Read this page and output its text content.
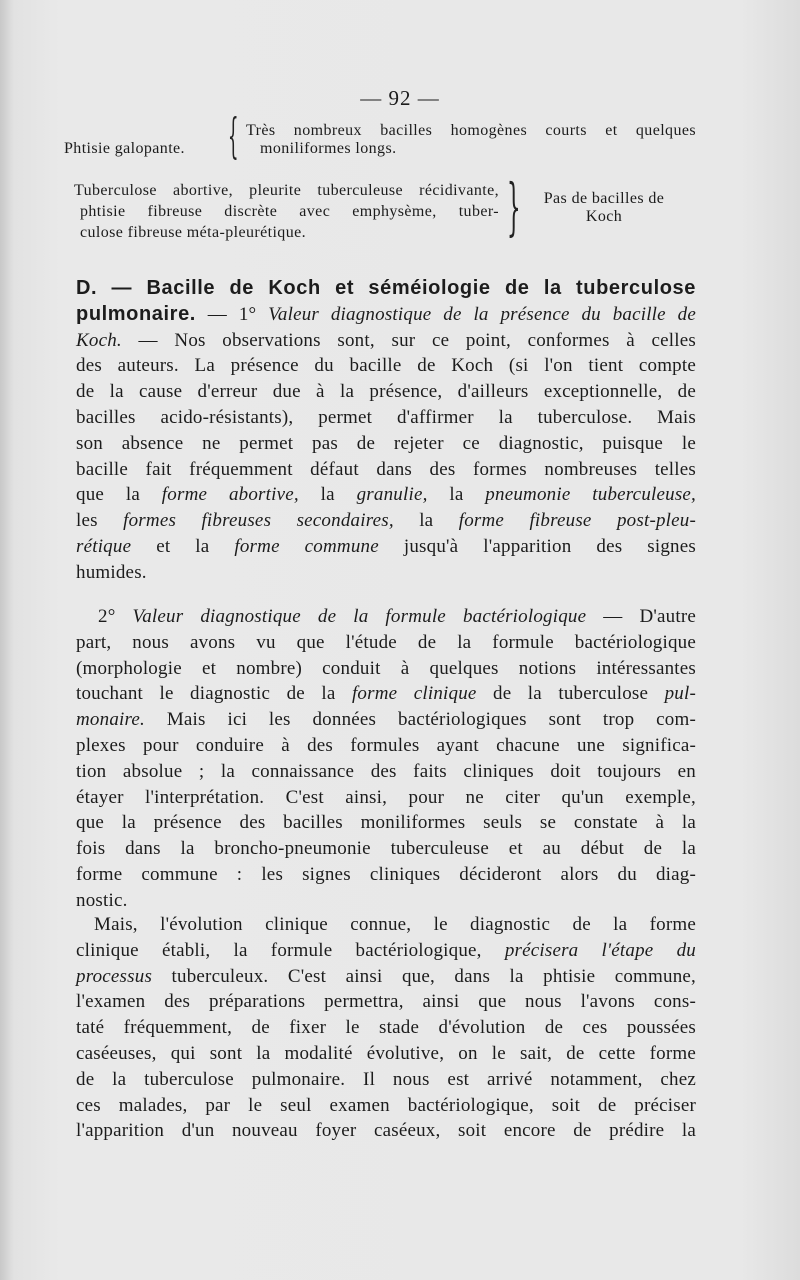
— 92 —
Phtisie galopante. { Très nombreux bacilles homogènes courts et quelques
moniliformes longs.
Tuberculose abortive, pleurite tuberculeuse récidivante,
phtisie fibreuse discrète avec emphysème, tuber-
culose fibreuse méta-pleurétique.	}	Pas de bacilles de
Koch
D. — Bacille de Koch et séméiologie de la tuberculose
pulmonaire. — 1° Valeur diagnostique de la présence du bacille de
Koch. — Nos observations sont, sur ce point, conformes à celles
des auteurs. La présence du bacille de Koch (si l'on tient compte
de la cause d'erreur due à la présence, d'ailleurs exceptionnelle, de
bacilles acido-résistants), permet d'affirmer la tuberculose. Mais
son absence ne permet pas de rejeter ce diagnostic, puisque le
bacille fait fréquemment défaut dans des formes nombreuses telles
que la forme abortive, la granulie, la pneumonie tuberculeuse,
les formes fibreuses secondaires, la forme fibreuse post-pleu-
rétique et la forme commune jusqu'à l'apparition des signes
humides.
2° Valeur diagnostique de la formule bactériologique — D'autre
part, nous avons vu que l'étude de la formule bactériologique
(morphologie et nombre) conduit à quelques notions intéressantes
touchant le diagnostic de la forme clinique de la tuberculose pul-
monaire. Mais ici les données bactériologiques sont trop com-
plexes pour conduire à des formules ayant chacune une significa-
tion absolue ; la connaissance des faits cliniques doit toujours en
étayer l'interprétation. C'est ainsi, pour ne citer qu'un exemple,
que la présence des bacilles moniliformes seuls se constate à la
fois dans la broncho-pneumonie tuberculeuse et au début de la
forme commune : les signes cliniques décideront alors du diag-
nostic.
Mais, l'évolution clinique connue, le diagnostic de la forme
clinique établi, la formule bactériologique, précisera l'étape du
processus tuberculeux. C'est ainsi que, dans la phtisie commune,
l'examen des préparations permettra, ainsi que nous l'avons cons-
taté fréquemment, de fixer le stade d'évolution de ces poussées
caséeuses, qui sont la modalité évolutive, on le sait, de cette forme
de la tuberculose pulmonaire. Il nous est arrivé notamment, chez
ces malades, par le seul examen bactériologique, soit de préciser
l'apparition d'un nouveau foyer caséeux, soit encore de prédire la
